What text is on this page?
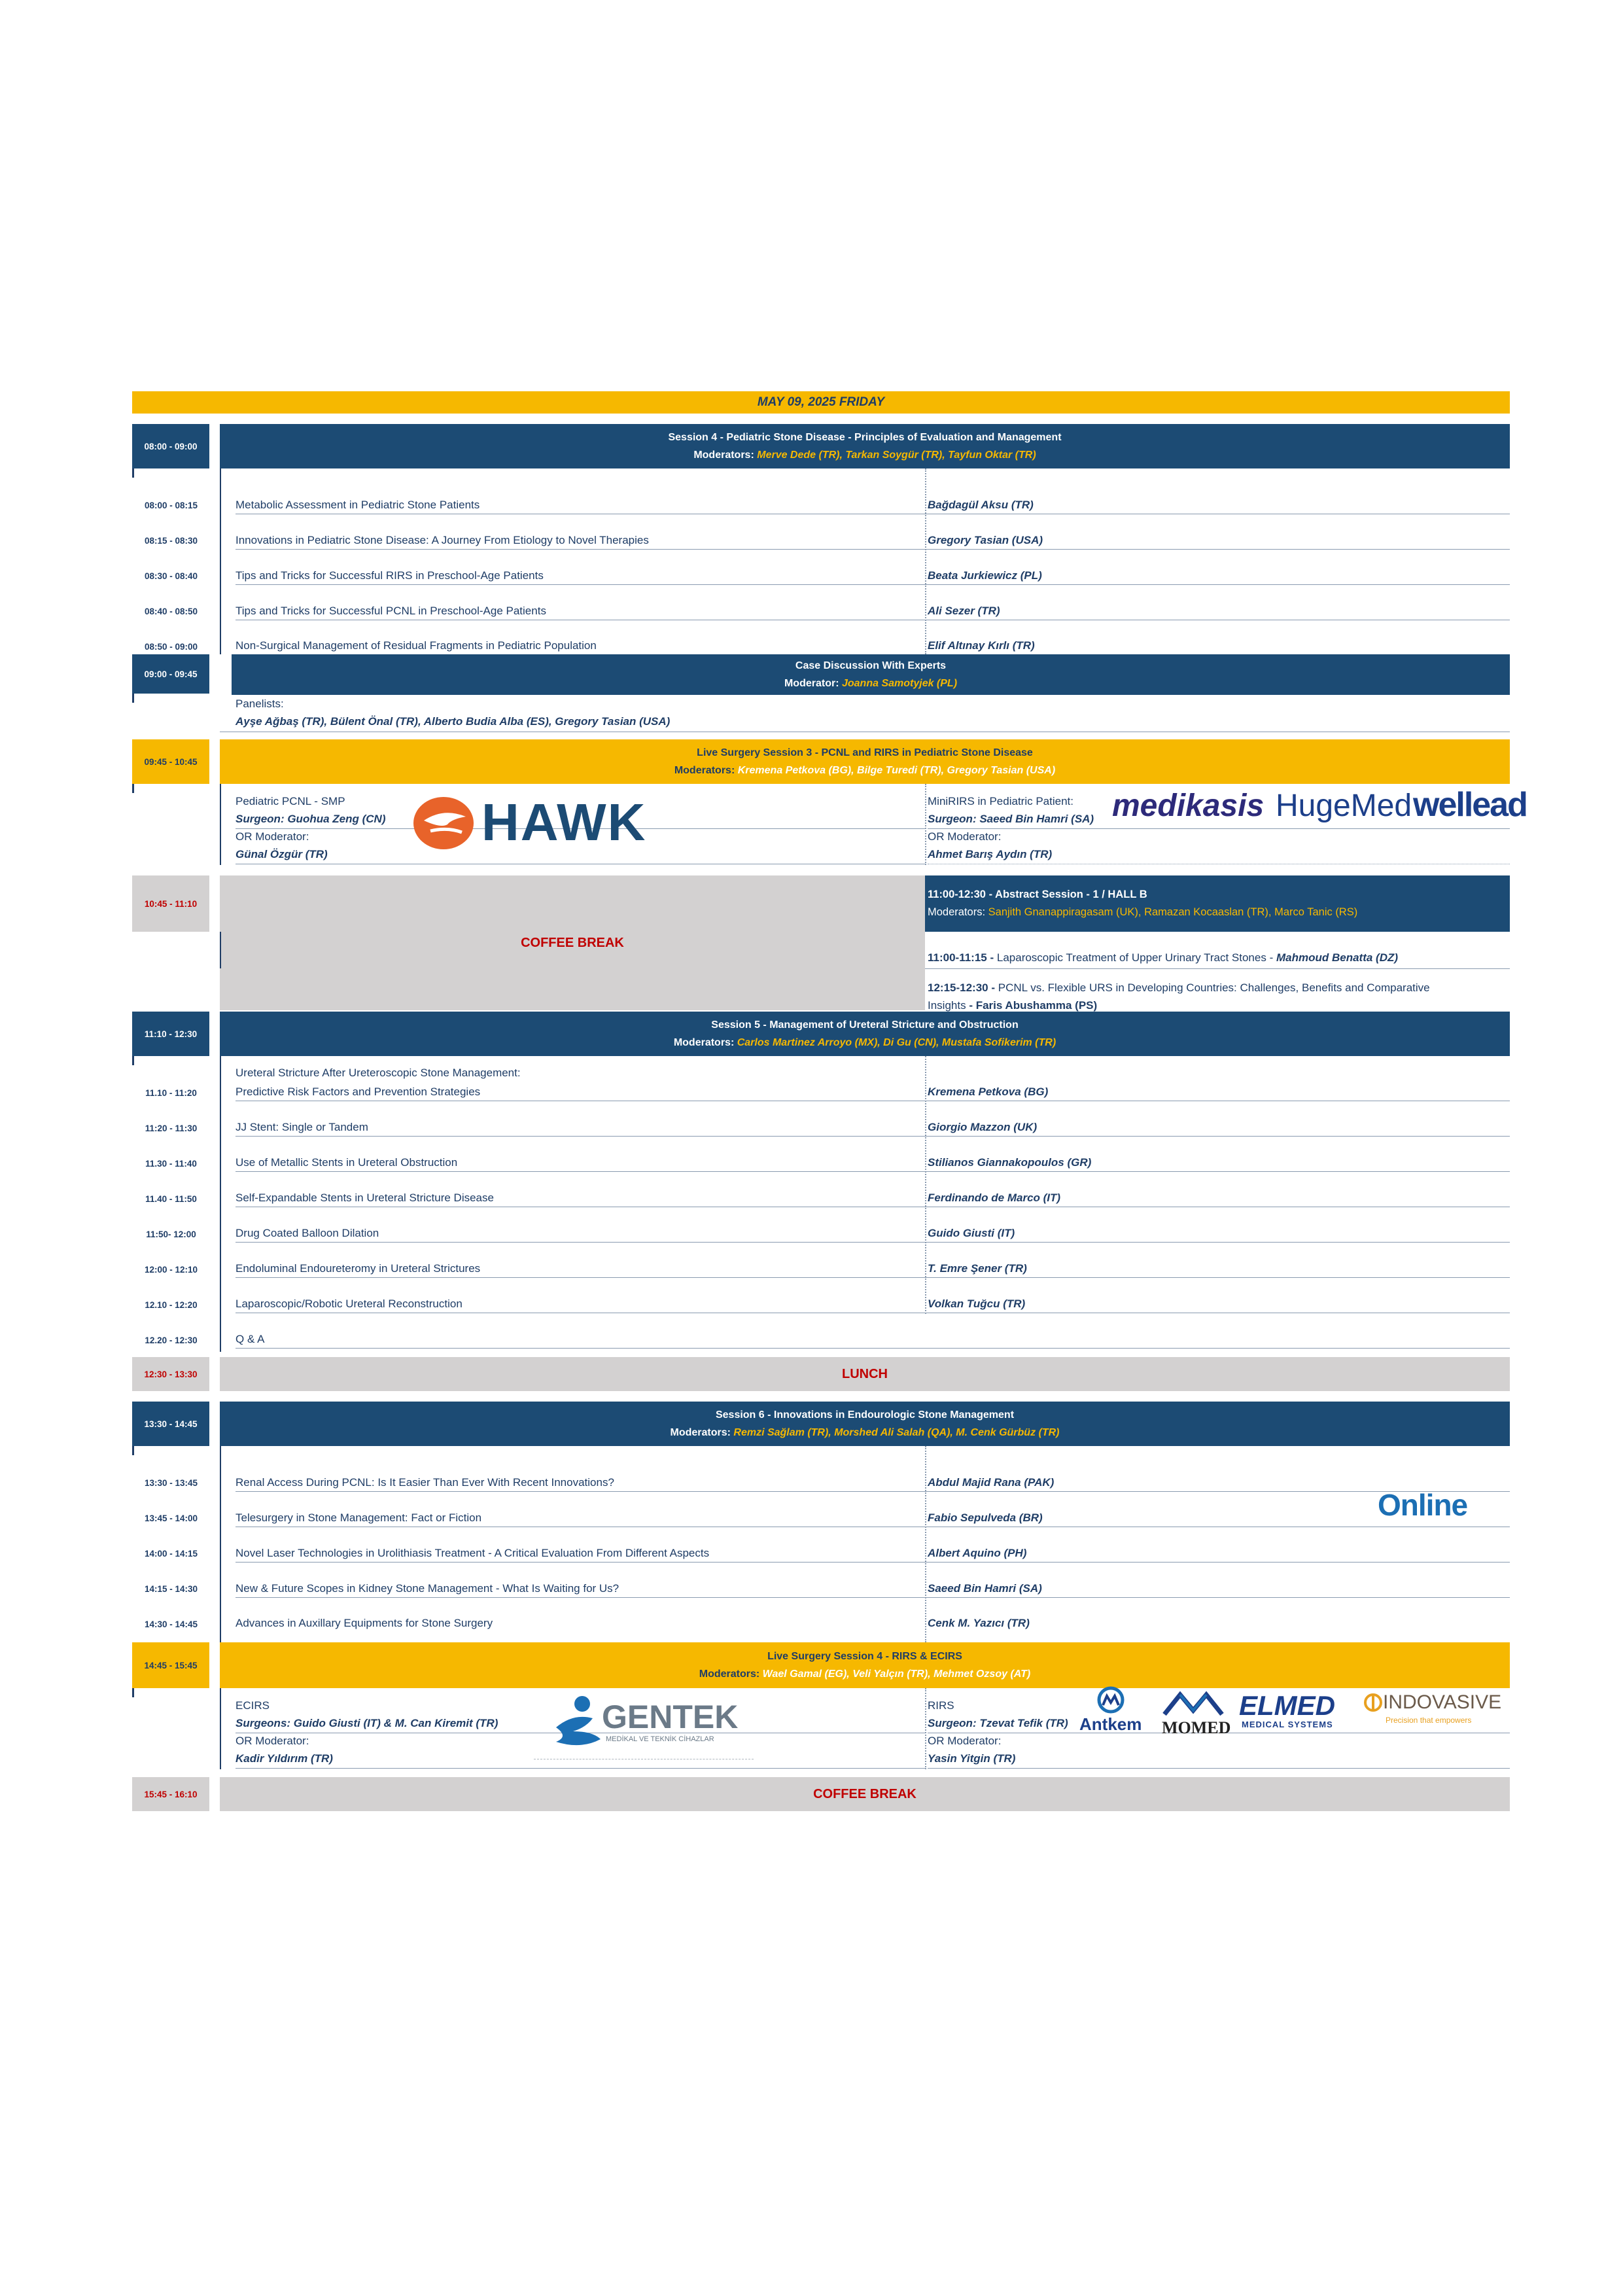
MAY 09, 2025 FRIDAY
08:00 - 09:00
Session 4 - Pediatric Stone Disease - Principles of Evaluation and Management
Moderators: Merve Dede (TR), Tarkan Soygür (TR), Tayfun Oktar (TR)
08:00 - 08:15	Metabolic Assessment in Pediatric Stone Patients	Bağdagül Aksu (TR)
08:15 - 08:30	Innovations in Pediatric Stone Disease: A Journey From Etiology to Novel Therapies	Gregory Tasian (USA)
08:30 - 08:40	Tips and Tricks for Successful RIRS in Preschool-Age Patients	Beata Jurkiewicz (PL)
08:40 - 08:50	Tips and Tricks for Successful PCNL in Preschool-Age Patients	Ali Sezer (TR)
08:50 - 09:00	Non-Surgical Management of Residual Fragments in Pediatric Population	Elif Altınay Kırlı (TR)
09:00 - 09:45
Case Discussion With Experts
Moderator: Joanna Samotyjek (PL)
Panelists:
Ayşe Ağbaş (TR), Bülent Önal (TR), Alberto Budia Alba (ES), Gregory Tasian (USA)
09:45 - 10:45
Live Surgery Session 3 - PCNL and RIRS in Pediatric Stone Disease
Moderators: Kremena Petkova (BG), Bilge Turedi (TR), Gregory Tasian (USA)
Pediatric PCNL - SMP
Surgeon: Guohua Zeng (CN)
OR Moderator:
Günal Özgür (TR)
MiniRIRS in Pediatric Patient:
Surgeon: Saeed Bin Hamri (SA)
OR Moderator:
Ahmet Barış Aydın (TR)
HAWK	medikasis HugeMed wellead
10:45 - 11:10
COFFEE BREAK
11:00-12:30 - Abstract Session - 1 / HALL B
Moderators: Sanjith Gnanappiragasam (UK), Ramazan Kocaaslan (TR), Marco Tanic (RS)
11:00-11:15 - Laparoscopic Treatment of Upper Urinary Tract Stones - Mahmoud Benatta (DZ)
12:15-12:30 - PCNL vs. Flexible URS in Developing Countries: Challenges, Benefits and Comparative
Insights - Faris Abushamma (PS)
11:10 - 12:30
Session 5 - Management of Ureteral Stricture and Obstruction
Moderators: Carlos Martinez Arroyo (MX), Di Gu (CN), Mustafa Sofikerim (TR)
Ureteral Stricture After Ureteroscopic Stone Management:
11.10 - 11:20	Predictive Risk Factors and Prevention Strategies	Kremena Petkova (BG)
11:20 - 11:30	JJ Stent: Single or Tandem	Giorgio Mazzon (UK)
11.30 - 11:40	Use of Metallic Stents in Ureteral Obstruction	Stilianos Giannakopoulos (GR)
11.40 - 11:50	Self-Expandable Stents in Ureteral Stricture Disease	Ferdinando de Marco (IT)
11:50- 12:00	Drug Coated Balloon Dilation	Guido Giusti (IT)
12:00 - 12:10	Endoluminal Endoureteromy in Ureteral Strictures	T. Emre Şener (TR)
12.10 - 12:20	Laparoscopic/Robotic Ureteral Reconstruction	Volkan Tuğcu (TR)
12.20 - 12:30	Q & A
12:30 - 13:30	LUNCH
13:30 - 14:45
Session 6 - Innovations in Endourologic Stone Management
Moderators: Remzi Sağlam (TR), Morshed Ali Salah (QA), M. Cenk Gürbüz (TR)
13:30 - 13:45	Renal Access During PCNL: Is It Easier Than Ever With Recent Innovations?	Abdul Majid Rana (PAK)
13:45 - 14:00	Telesurgery in Stone Management: Fact or Fiction	Fabio Sepulveda (BR)
14:00 - 14:15	Novel Laser Technologies in Urolithiasis Treatment - A Critical Evaluation From Different Aspects	Albert Aquino (PH)
14:15 - 14:30	New & Future Scopes in Kidney Stone Management - What Is Waiting for Us?	Saeed Bin Hamri (SA)
14:30 - 14:45	Advances in Auxillary Equipments for Stone Surgery	Cenk M. Yazıcı (TR)
Online
14:45 - 15:45
Live Surgery Session 4 - RIRS & ECIRS
Moderators: Wael Gamal (EG), Veli Yalçın (TR), Mehmet Ozsoy (AT)
ECIRS
Surgeons: Guido Giusti (IT) & M. Can Kiremit (TR)
OR Moderator:
Kadir Yıldırım (TR)
RIRS
Surgeon: Tzevat Tefik (TR)
OR Moderator:
Yasin Yitgin (TR)
GENTEK
MEDİKAL VE TEKNİK CİHAZLAR
Antkem MOMED
ELMED
MEDICAL SYSTEMS
INDOVASIVE
Precision that empowers
15:45 - 16:10	COFFEE BREAK
